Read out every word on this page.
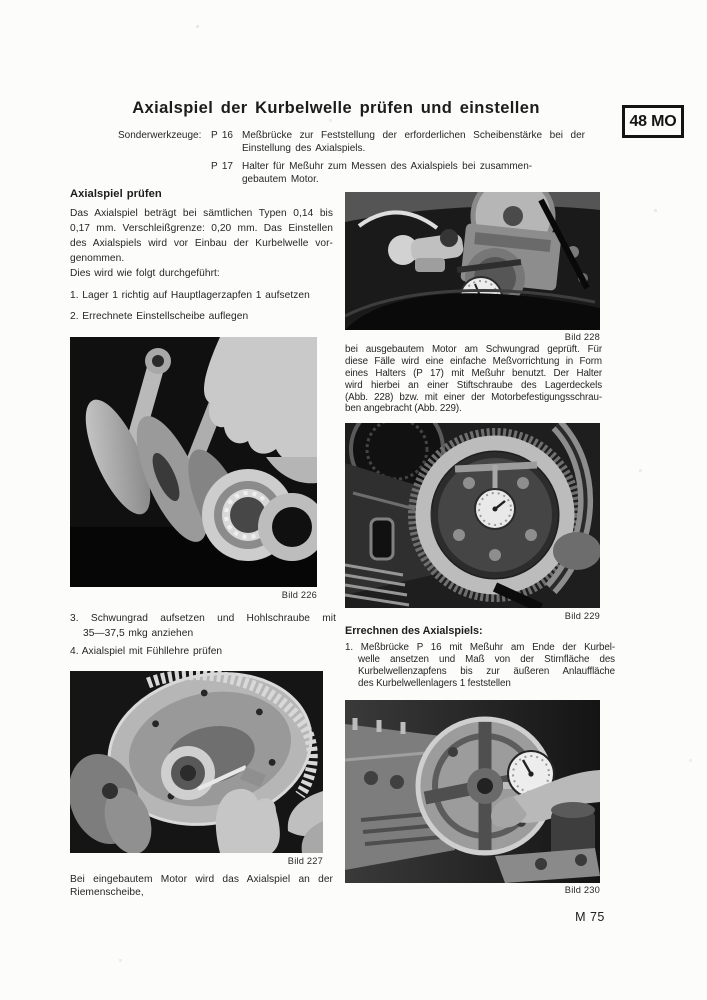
Axialspiel der Kurbelwelle prüfen und einstellen
48 MO
Sonderwerkzeuge: P 16 Meßbrücke zur Feststellung der erforderlichen Scheibenstärke bei der
Einstellung des Axialspiels.
P 17 Halter für Meßuhr zum Messen des Axialspiels bei zusammen-
gebautem Motor.
Axialspiel prüfen
Das Axialspiel beträgt bei sämtlichen Typen 0,14 bis
0,17 mm. Verschleißgrenze: 0,20 mm. Das Einstellen
des Axialspiels wird vor Einbau der Kurbelwelle vor-
genommen.
Dies wird wie folgt durchgeführt:
1. Lager 1 richtig auf Hauptlagerzapfen 1 aufsetzen
2. Errechnete Einstellscheibe auflegen
Bild 226
3. Schwungrad aufsetzen und Hohlschraube mit
35—37,5 mkg anziehen
4. Axialspiel mit Fühllehre prüfen
Bild 227
Bei eingebautem Motor wird das Axialspiel an der
Riemenscheibe,
Bild 228
bei ausgebautem Motor am Schwungrad geprüft. Für
diese Fälle wird eine einfache Meßvorrichtung in Form
eines Halters (P 17) mit Meßuhr benutzt. Der Halter
wird hierbei an einer Stiftschraube des Lagerdeckels
(Abb. 228) bzw. mit einer der Motorbefestigungsschrau-
ben angebracht (Abb. 229).
Bild 229
Errechnen des Axialspiels:
1. Meßbrücke P 16 mit Meßuhr am Ende der Kurbel-
welle ansetzen und Maß von der Stirnfläche des
Kurbelwellenzapfens bis zur äußeren Anlauffläche
des Kurbelwellenlagers 1 feststellen
Bild 230
M 75
